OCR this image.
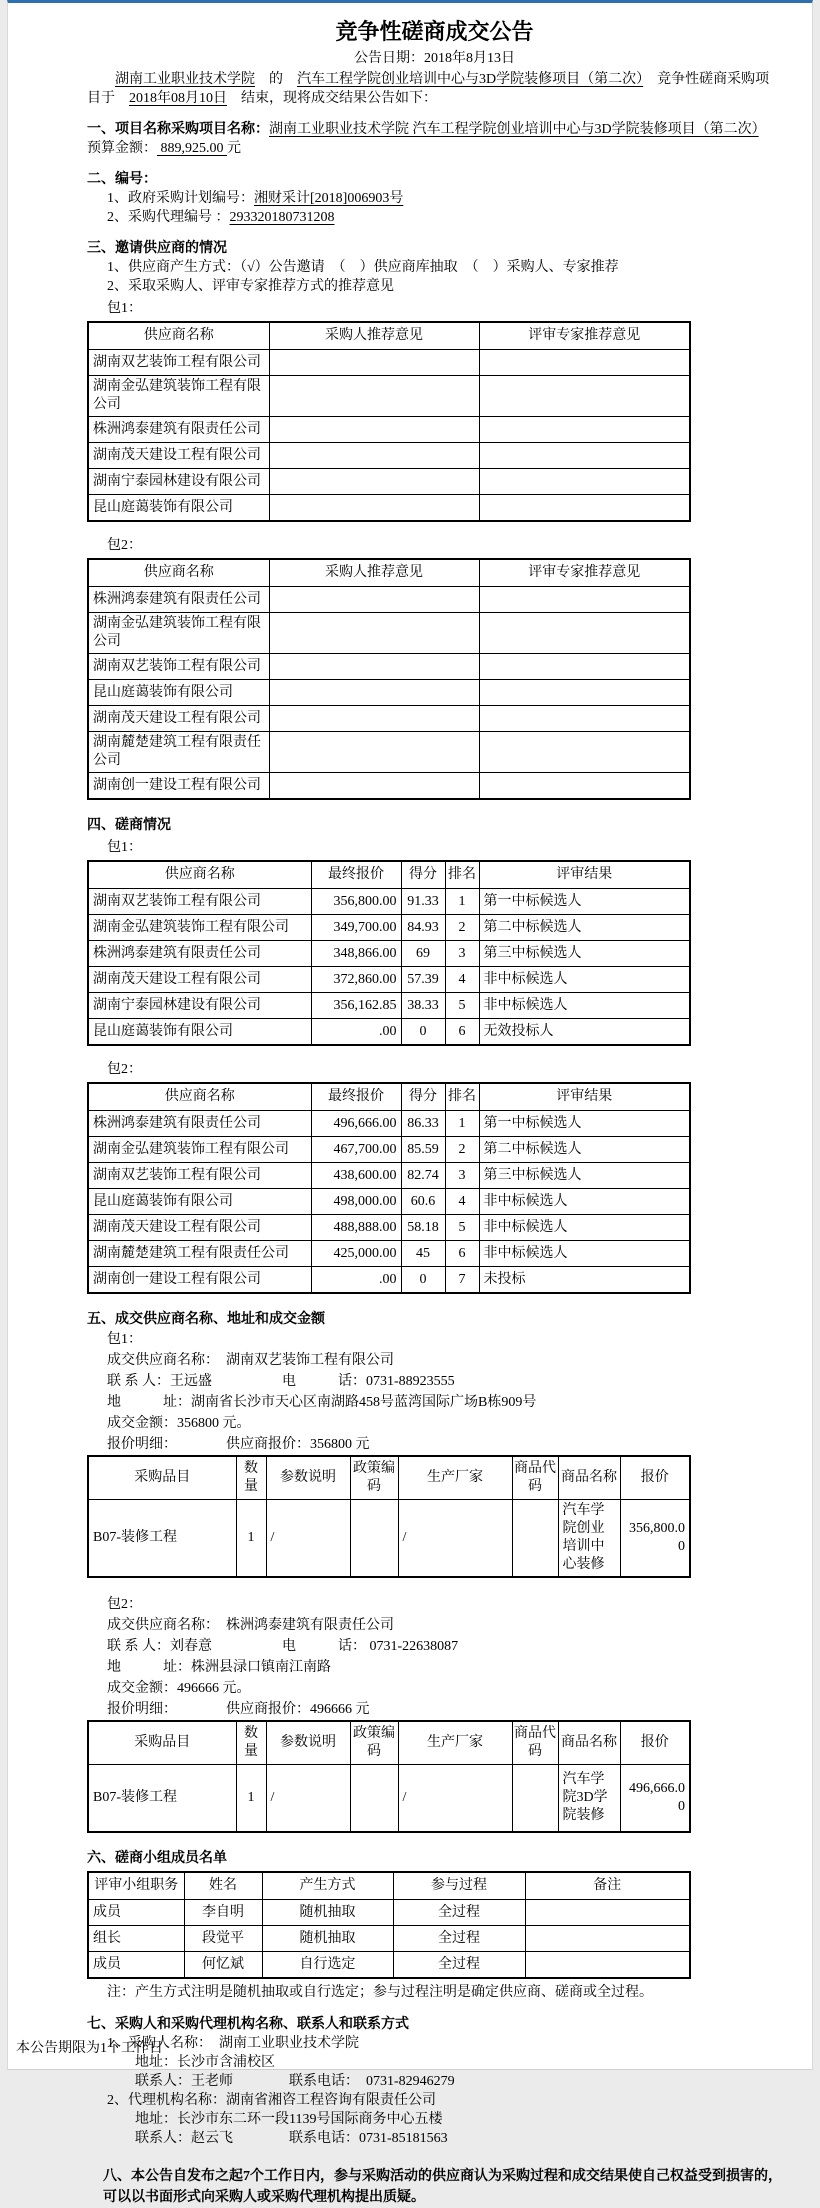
竞争性磋商成交公告

公告日期：2018年8月13日

湖南工业职业技术学院　的　汽车工程学院创业培训中心与3D学院装修项目（第二次）　竞争性磋商采购项目于　2018年08月10日　结束，现将成交结果公告如下：

一、项目名称采购项目名称：湖南工业职业技术学院 汽车工程学院创业培训中心与3D学院装修项目（第二次）　　预算金额： 889,925.00 元

二、编号：

1、政府采购计划编号：湘财采计[2018]006903号

2、采购代理编号 ：293320180731208

三、邀请供应商的情况

1、供应商产生方式：（√）公告邀请　（　）供应商库抽取　（　）采购人、专家推荐

2、采取采购人、评审专家推荐方式的推荐意见

包1：

供应商名称	采购人推荐意见	评审专家推荐意见
湖南双艺装饰工程有限公司		
湖南金弘建筑装饰工程有限公司		
株洲鸿泰建筑有限责任公司		
湖南茂天建设工程有限公司		
湖南宁泰园林建设有限公司		
昆山庭蔼装饰有限公司		

包2：

供应商名称	采购人推荐意见	评审专家推荐意见
株洲鸿泰建筑有限责任公司		
湖南金弘建筑装饰工程有限公司		
湖南双艺装饰工程有限公司		
昆山庭蔼装饰有限公司		
湖南茂天建设工程有限公司		
湖南麓楚建筑工程有限责任公司		
湖南创一建设工程有限公司		

四、磋商情况

包1：

供应商名称	最终报价	得分	排名	评审结果
湖南双艺装饰工程有限公司	356,800.00	91.33	1	第一中标候选人
湖南金弘建筑装饰工程有限公司	349,700.00	84.93	2	第二中标候选人
株洲鸿泰建筑有限责任公司	348,866.00	69	3	第三中标候选人
湖南茂天建设工程有限公司	372,860.00	57.39	4	非中标候选人
湖南宁泰园林建设有限公司	356,162.85	38.33	5	非中标候选人
昆山庭蔼装饰有限公司	.00	0	6	无效投标人

包2：

供应商名称	最终报价	得分	排名	评审结果
株洲鸿泰建筑有限责任公司	496,666.00	86.33	1	第一中标候选人
湖南金弘建筑装饰工程有限公司	467,700.00	85.59	2	第二中标候选人
湖南双艺装饰工程有限公司	438,600.00	82.74	3	第三中标候选人
昆山庭蔼装饰有限公司	498,000.00	60.6	4	非中标候选人
湖南茂天建设工程有限公司	488,888.00	58.18	5	非中标候选人
湖南麓楚建筑工程有限责任公司	425,000.00	45	6	非中标候选人
湖南创一建设工程有限公司	.00	0	7	未投标

五、成交供应商名称、地址和成交金额

包1：

成交供应商名称：　湖南双艺装饰工程有限公司

联 系 人：王远盛　　　　　电　　　话：0731-88923555

地　　　址：湖南省长沙市天心区南湖路458号蓝湾国际广场B栋909号

成交金额：356800 元。

报价明细：　　　　供应商报价：356800 元

采购品目	数量	参数说明	政策编码	生产厂家	商品代码	商品名称	报价
B07-装修工程	1	/		/		汽车学院创业培训中心装修	356,800.00

包2：

成交供应商名称：　株洲鸿泰建筑有限责任公司

联 系 人：刘春意　　　　　电　　　话： 0731-22638087

地　　　址：株洲县渌口镇南江南路

成交金额：496666 元。

报价明细：　　　　供应商报价：496666 元

采购品目	数量	参数说明	政策编码	生产厂家	商品代码	商品名称	报价
B07-装修工程	1	/		/		汽车学院3D学院装修	496,666.00

六、磋商小组成员名单

评审小组职务	姓名	产生方式	参与过程	备注
成员	李自明	随机抽取	全过程	
组长	段觉平	随机抽取	全过程	
成员	何忆斌	自行选定	全过程	

注：产生方式注明是随机抽取或自行选定；参与过程注明是确定供应商、磋商或全过程。

七、采购人和采购代理机构名称、联系人和联系方式

1、采购人名称：　湖南工业职业技术学院

　　地址：长沙市含浦校区

　　联系人：王老师　　　　联系电话：　0731-82946279

2、代理机构名称：湖南省湘咨工程咨询有限责任公司

　　地址：长沙市东二环一段1139号国际商务中心五楼

　　联系人：赵云飞　　　　联系电话：0731-85181563

八、本公告自发布之起7个工作日内，参与采购活动的供应商认为采购过程和成交结果使自己权益受到损害的，可以以书面形式向采购人或采购代理机构提出质疑。

本公告期限为1个工作日
